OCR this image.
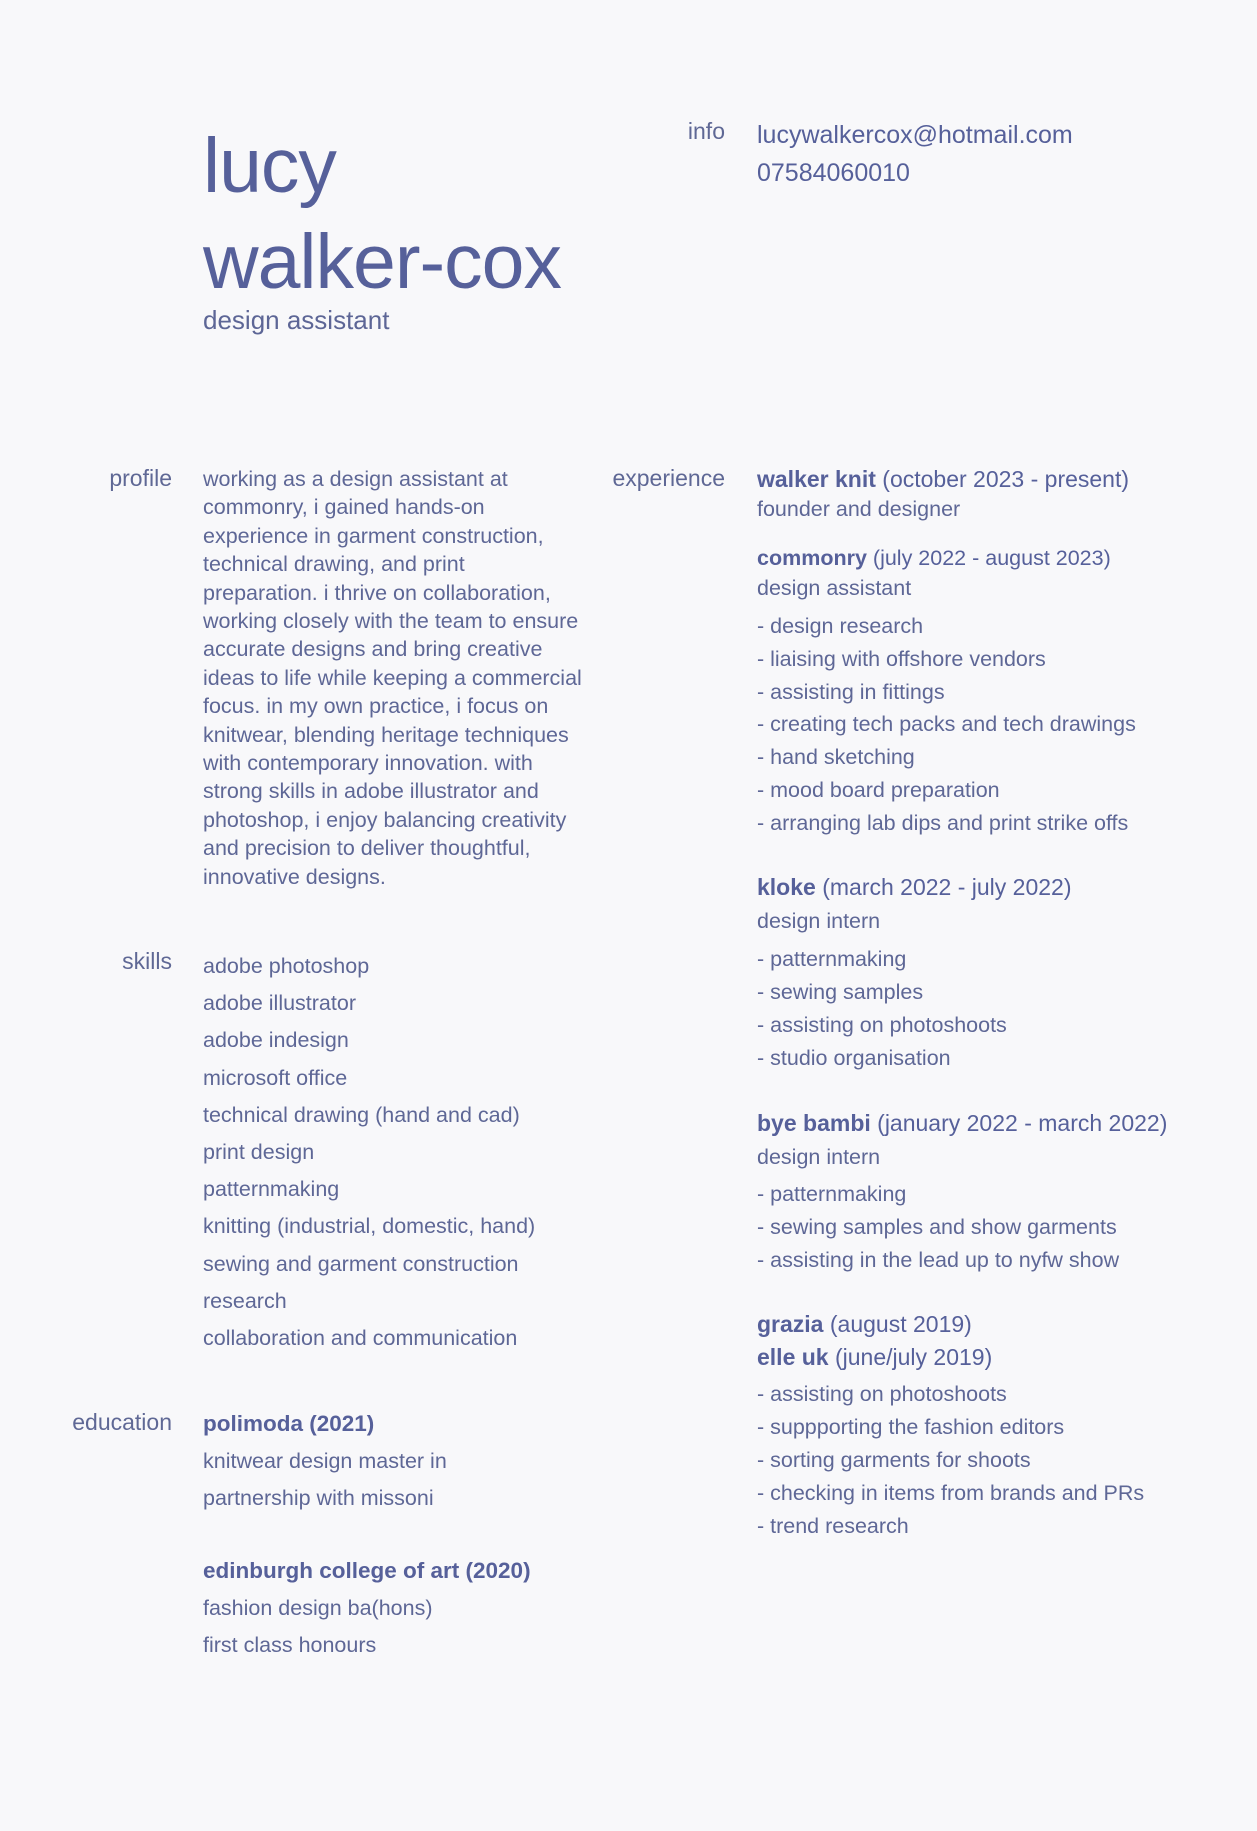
lucy
walker-cox
design assistant
info lucywalkercox@hotmail.com
07584060010
profile working as a design assistant at commonry, i gained hands-on experience in garment construction, technical drawing, and print preparation. i thrive on collaboration, working closely with the team to ensure accurate designs and bring creative ideas to life while keeping a commercial focus. in my own practice, i focus on knitwear, blending heritage techniques with contemporary innovation. with strong skills in adobe illustrator and photoshop, i enjoy balancing creativity and precision to deliver thoughtful, innovative designs.
skills adobe photoshop
adobe illustrator
adobe indesign
microsoft office
technical drawing (hand and cad)
print design
patternmaking
knitting (industrial, domestic, hand)
sewing and garment construction
research
collaboration and communication
education polimoda (2021)
knitwear design master in
partnership with missoni
edinburgh college of art (2020)
fashion design ba(hons)
first class honours
experience walker knit (october 2023 - present)
founder and designer
commonry (july 2022 - august 2023)
design assistant
- design research
- liaising with offshore vendors
- assisting in fittings
- creating tech packs and tech drawings
- hand sketching
- mood board preparation
- arranging lab dips and print strike offs
kloke (march 2022 - july 2022)
design intern
- patternmaking
- sewing samples
- assisting on photoshoots
- studio organisation
bye bambi (january 2022 - march 2022)
design intern
- patternmaking
- sewing samples and show garments
- assisting in the lead up to nyfw show
grazia (august 2019)
elle uk (june/july 2019)
- assisting on photoshoots
- suppporting the fashion editors
- sorting garments for shoots
- checking in items from brands and PRs
- trend research
